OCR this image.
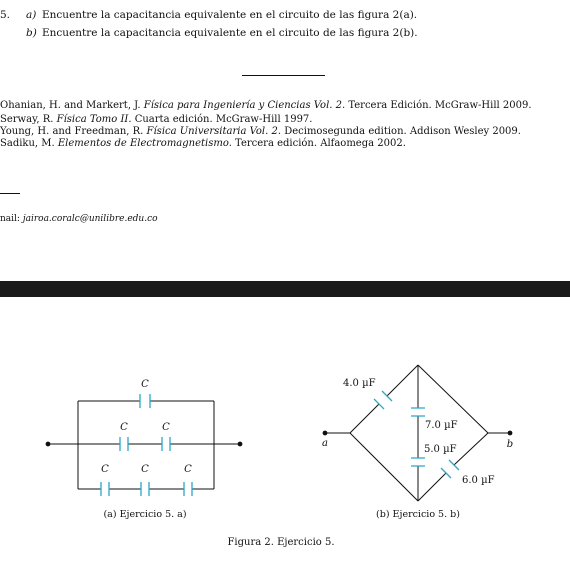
5. a) Encuentre la capacitancia equivalente en el circuito de las figura 2(a).
b) Encuentre la capacitancia equivalente en el circuito de las figura 2(b).
Ohanian, H. and Markert, J. Física para Ingeniería y Ciencias Vol. 2. Tercera Edición. McGraw-Hill 2009.
Serway, R. Física Tomo II. Cuarta edición. McGraw-Hill 1997.
Young, H. and Freedman, R. Física Universitaria Vol. 2. Decimosegunda edition. Addison Wesley 2009.
Sadiku, M. Elementos de Electromagnetismo. Tercera edición. Alfaomega 2002.
nail: jairoa.coralc@unilibre.edu.co
C
C	C
C	C	C
(a) Ejercicio 5. a)
4.0 µF
7.0 µF
5.0 µF
6.0 µF
a	b
(b) Ejercicio 5. b)
Figura 2. Ejercicio 5.
